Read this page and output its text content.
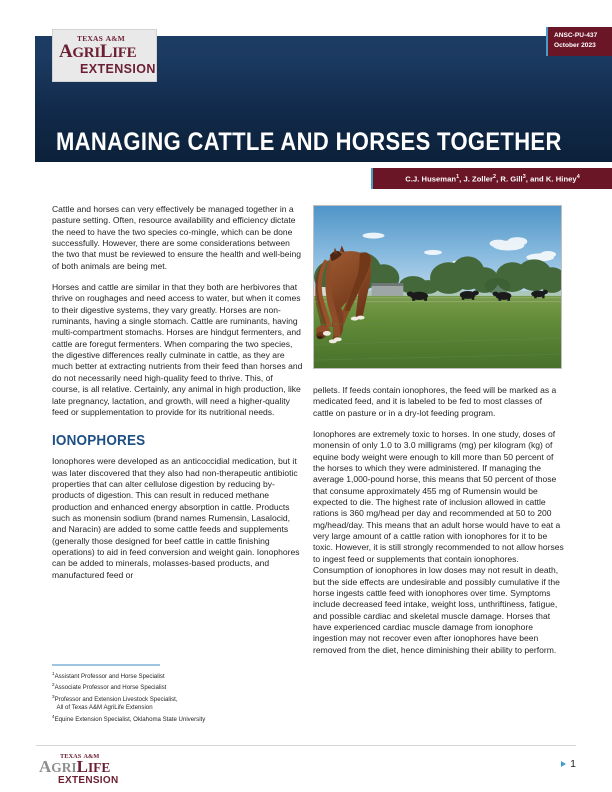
TEXAS A&M
AGRILIFE
EXTENSION
ANSC-PU-437
October 2023
MANAGING CATTLE AND HORSES TOGETHER
C.J. Huseman$^1$, J. Zoller$^2$, R. Gill$^3$, and K. Hiney$^4$

Cattle and horses can very effectively be managed together in a pasture setting. Often, resource availability and efficiency dictate the need to have the two species co-mingle, which can be done successfully. However, there are some considerations between the two that must be reviewed to ensure the health and well-being of both animals are being met.

Horses and cattle are similar in that they both are herbivores that thrive on roughages and need access to water, but when it comes to their digestive systems, they vary greatly. Horses are non-ruminants, having a single stomach. Cattle are ruminants, having multi-compartment stomachs. Horses are hindgut fermenters, and cattle are foregut fermenters. When comparing the two species, the digestive differences really culminate in cattle, as they are much better at extracting nutrients from their feed than horses and do not necessarily need high-quality feed to thrive. This, of course, is all relative. Certainly, any animal in high production, like late pregnancy, lactation, and growth, will need a higher-quality feed or supplementation to provide for its nutritional needs.

IONOPHORES

Ionophores were developed as an anticoccidial medication, but it was later discovered that they also had non-therapeutic antibiotic properties that can alter cellulose digestion by reducing by-products of digestion. This can result in reduced methane production and enhanced energy absorption in cattle. Products such as monensin sodium (brand names Rumensin, Lasalocid, and Naracin) are added to some cattle feeds and supplements (generally those designed for beef cattle in cattle finishing operations) to aid in feed conversion and weight gain. Ionophores can be added to minerals, molasses-based products, and manufactured feed or

pellets. If feeds contain ionophores, the feed will be marked as a medicated feed, and it is labeled to be fed to most classes of cattle on pasture or in a dry-lot feeding program.

Ionophores are extremely toxic to horses. In one study, doses of monensin of only 1.0 to 3.0 milligrams (mg) per kilogram (kg) of equine body weight were enough to kill more than 50 percent of the horses to which they were administered. If managing the average 1,000-pound horse, this means that 50 percent of those that consume approximately 455 mg of Rumensin would be expected to die. The highest rate of inclusion allowed in cattle rations is 360 mg/head per day and recommended at 50 to 200 mg/head/day. This means that an adult horse would have to eat a very large amount of a cattle ration with ionophores for it to be toxic. However, it is still strongly recommended to not allow horses to ingest feed or supplements that contain ionophores. Consumption of ionophores in low doses may not result in death, but the side effects are undesirable and possibly cumulative if the horse ingests cattle feed with ionophores over time. Symptoms include decreased feed intake, weight loss, unthriftiness, fatigue, and possible cardiac and skeletal muscle damage. Horses that have experienced cardiac muscle damage from ionophore ingestion may not recover even after ionophores have been removed from the diet, hence diminishing their ability to perform.

$^1$Assistant Professor and Horse Specialist
$^2$Associate Professor and Horse Specialist
$^3$Professor and Extension Livestock Specialist,
All of Texas A&M AgriLife Extension
$^4$Equine Extension Specialist, Oklahoma State University
TEXAS A&M
AGRILIFE
EXTENSION
1
